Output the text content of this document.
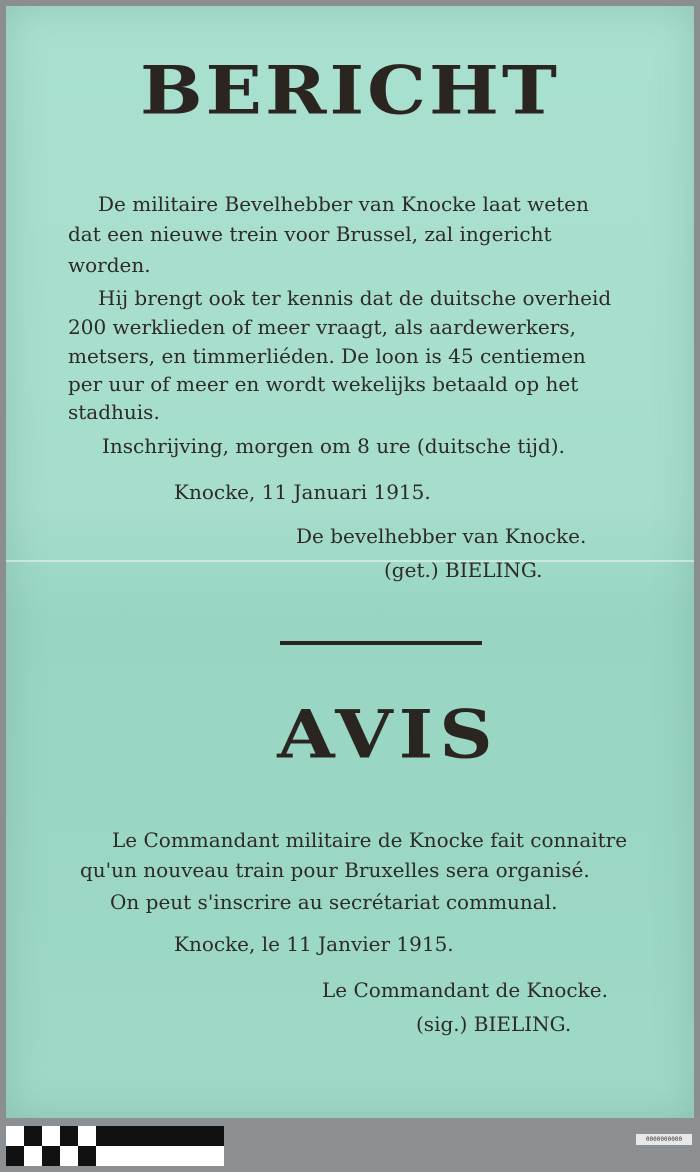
BERICHT
De militaire Bevelhebber van Knocke laat weten
dat een nieuwe trein voor Brussel, zal ingericht
worden.
Hij brengt ook ter kennis dat de duitsche overheid
200 werklieden of meer vraagt, als aardewerkers,
metsers, en timmerliéden. De loon is 45 centiemen
per uur of meer en wordt wekelijks betaald op het
stadhuis.
Inschrijving, morgen om 8 ure (duitsche tijd).
Knocke, 11 Januari 1915.
De bevelhebber van Knocke.
(get.) BIELING.
AVIS
Le Commandant militaire de Knocke fait connaitre
qu'un nouveau train pour Bruxelles sera organisé.
On peut s'inscrire au secrétariat communal.
Knocke, le 11 Janvier 1915.
Le Commandant de Knocke.
(sig.) BIELING.
0000000000
